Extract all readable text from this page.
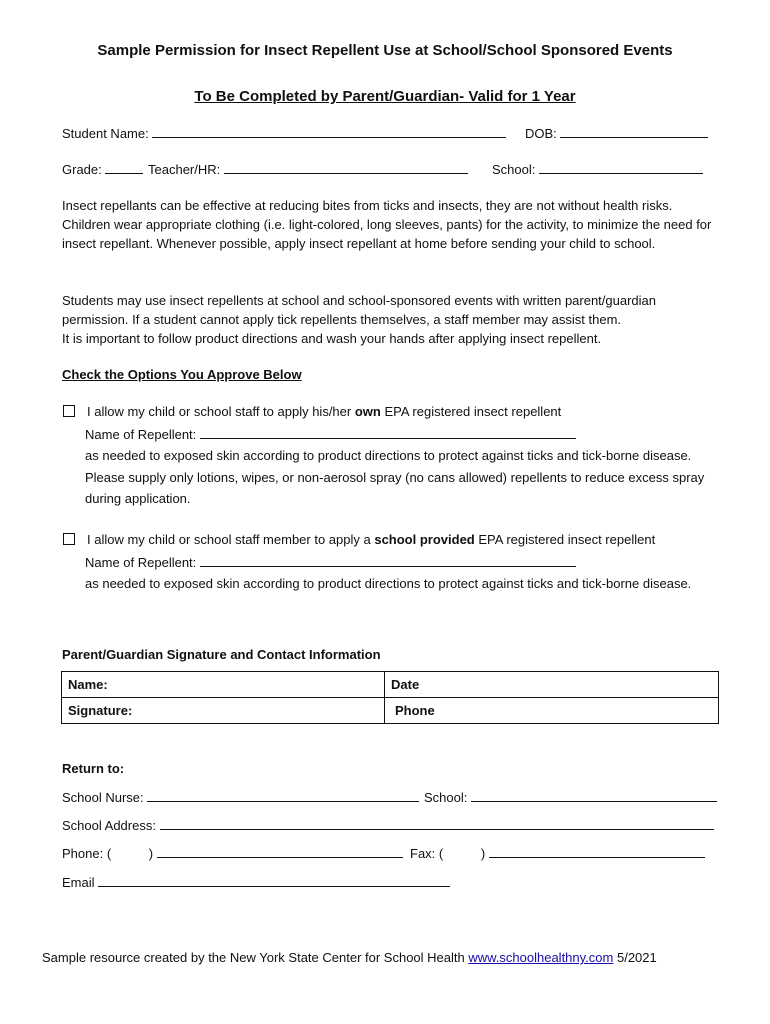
Sample Permission for Insect Repellent Use at School/School Sponsored Events
To Be Completed by Parent/Guardian- Valid for 1 Year
Student Name:	DOB:
Grade:	Teacher/HR:	School:
Insect repellants can be effective at reducing bites from ticks and insects, they are not without health risks. Children wear appropriate clothing (i.e. light-colored, long sleeves, pants) for the activity, to minimize the need for insect repellant. Whenever possible, apply insect repellant at home before sending your child to school.
Students may use insect repellents at school and school-sponsored events with written parent/guardian permission. If a student cannot apply tick repellents themselves, a staff member may assist them.
It is important to follow product directions and wash your hands after applying insect repellent.
Check the Options You Approve Below
I allow my child or school staff to apply his/her own EPA registered insect repellent
Name of Repellent:
as needed to exposed skin according to product directions to protect against ticks and tick-borne disease. Please supply only lotions, wipes, or non-aerosol spray (no cans allowed) repellents to reduce excess spray during application.
I allow my child or school staff member to apply a school provided EPA registered insect repellent
Name of Repellent:
as needed to exposed skin according to product directions to protect against ticks and tick-borne disease.
Parent/Guardian Signature and Contact Information
Name:	Date
Signature:	Phone
Return to:
School Nurse:	School:
School Address:
Phone: (	)	Fax: (	)
Email
Sample resource created by the New York State Center for School Health www.schoolhealthny.com 5/2021
